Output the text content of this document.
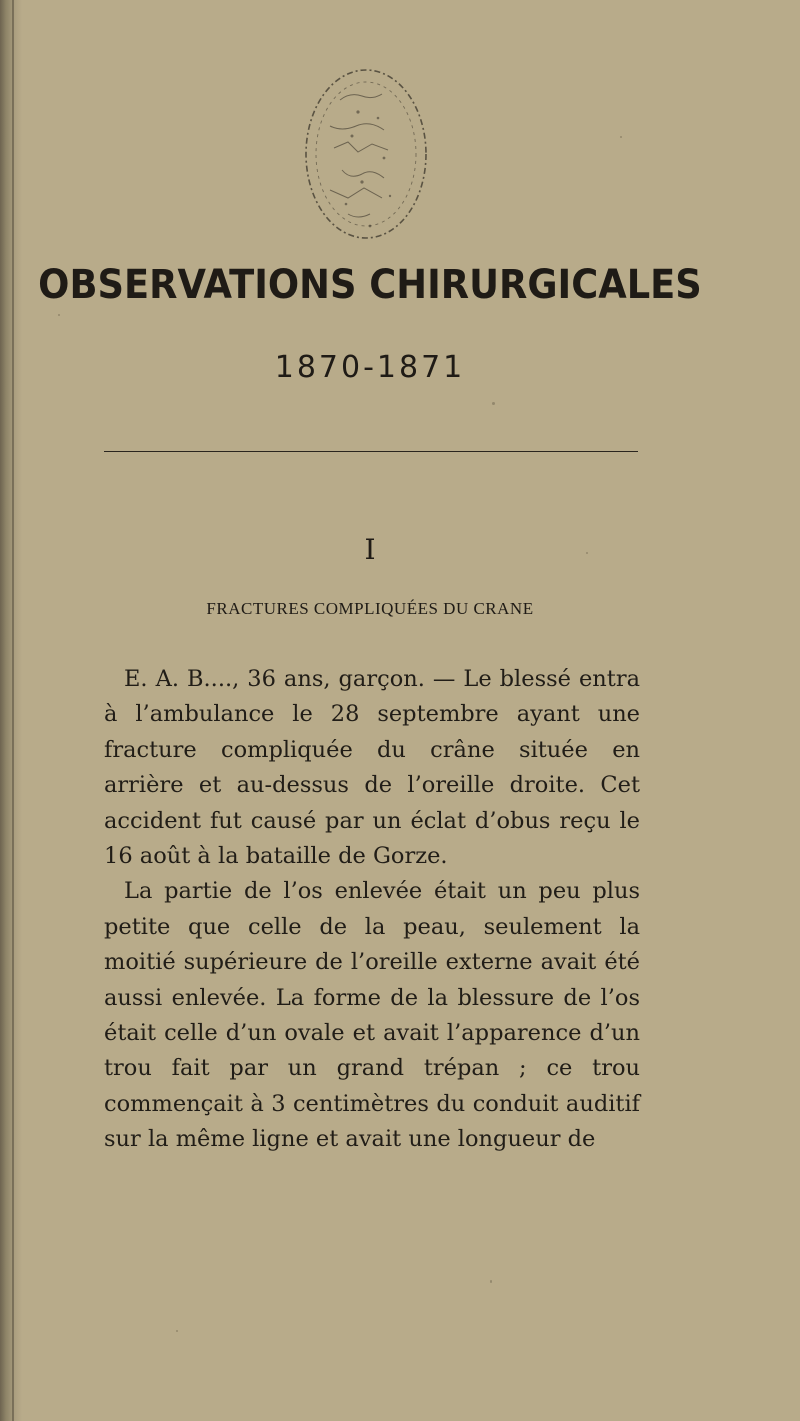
OBSERVATIONS CHIRURGICALES
1870-1871
I
FRACTURES COMPLIQUÉES DU CRANE

E. A. B...., 36 ans, garçon. — Le blessé entra à l’ambulance le 28 septembre ayant une fracture compliquée du crâne située en arrière et au-dessus de l’oreille droite. Cet accident fut causé par un éclat d’obus reçu le 16 août à la bataille de Gorze.

La partie de l’os enlevée était un peu plus petite que celle de la peau, seulement la moitié supérieure de l’oreille externe avait été aussi enlevée. La forme de la blessure de l’os était celle d’un ovale et avait l’apparence d’un trou fait par un grand trépan ; ce trou commençait à 3 centimètres du conduit auditif sur la même ligne et avait une longueur de
